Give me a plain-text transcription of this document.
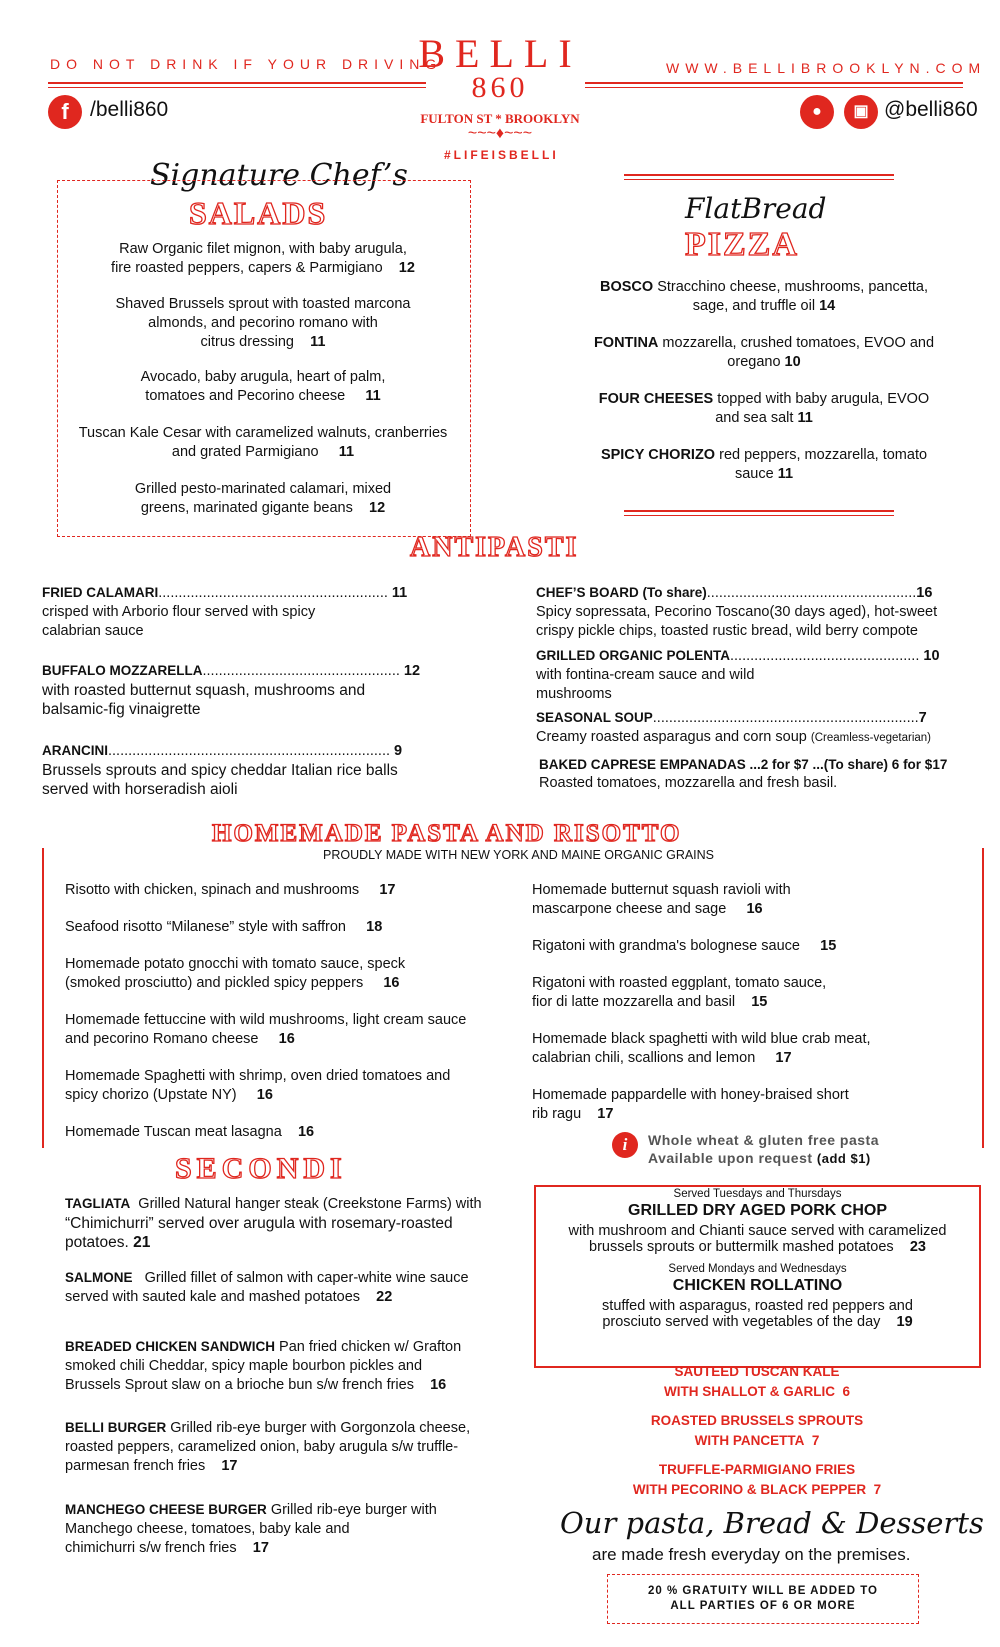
DO NOT DRINK IF YOUR DRIVING	WWW.BELLIBROOKLYN.COM
f	/belli860	●	▣ @belli860
BELLI
860
FULTON ST * BROOKLYN
~~~♦~~~
#LIFEISBELLI
Signature Chef’s
SALADS
Raw Organic filet mignon, with baby arugula,
fire roasted peppers, capers & Parmigiano 12
Shaved Brussels sprout with toasted marcona
almonds, and pecorino romano with
citrus dressing 11
Avocado, baby arugula, heart of palm,
tomatoes and Pecorino cheese 11
Tuscan Kale Cesar with caramelized walnuts, cranberries
and grated Parmigiano 11
Grilled pesto-marinated calamari, mixed
greens, marinated gigante beans 12
FlatBread
PIZZA
BOSCO Stracchino cheese, mushrooms, pancetta,
sage, and truffle oil 14
FONTINA mozzarella, crushed tomatoes, EVOO and
oregano 10
FOUR CHEESES topped with baby arugula, EVOO
and sea salt 11
SPICY CHORIZO red peppers, mozzarella, tomato
sauce 11
ANTIPASTI
FRIED CALAMARI......................................................... 11
crisped with Arborio flour served with spicy
calabrian sauce
BUFFALO MOZZARELLA................................................. 12
with roasted butternut squash, mushrooms and
balsamic-fig vinaigrette
ARANCINI...................................................................... 9
Brussels sprouts and spicy cheddar Italian rice balls
served with horseradish aioli
CHEF’S BOARD (To share)....................................................16
Spicy sopressata, Pecorino Toscano(30 days aged), hot-sweet
crispy pickle chips, toasted rustic bread, wild berry compote
GRILLED ORGANIC POLENTA............................................... 10
with fontina-cream sauce and wild
mushrooms
SEASONAL SOUP..................................................................7
Creamy roasted asparagus and corn soup (Creamless-vegetarian)
BAKED CAPRESE EMPANADAS ...2 for $7 ...(To share) 6 for $17
Roasted tomatoes, mozzarella and fresh basil.
HOMEMADE PASTA AND RISOTTO
PROUDLY MADE WITH NEW YORK AND MAINE ORGANIC GRAINS
Risotto with chicken, spinach and mushrooms 17
Seafood risotto “Milanese” style with saffron 18
Homemade potato gnocchi with tomato sauce, speck
(smoked prosciutto) and pickled spicy peppers 16
Homemade fettuccine with wild mushrooms, light cream sauce
and pecorino Romano cheese 16
Homemade Spaghetti with shrimp, oven dried tomatoes and
spicy chorizo (Upstate NY) 16
Homemade Tuscan meat lasagna 16
Homemade butternut squash ravioli with
mascarpone cheese and sage 16
Rigatoni with grandma's bolognese sauce 15
Rigatoni with roasted eggplant, tomato sauce,
fior di latte mozzarella and basil 15
Homemade black spaghetti with wild blue crab meat,
calabrian chili, scallions and lemon 17
Homemade pappardelle with honey-braised short
rib ragu 17
i	Whole wheat & gluten free pasta
Available upon request (add $1)
SECONDI
TAGLIATA Grilled Natural hanger steak (Creekstone Farms) with
“Chimichurri” served over arugula with rosemary-roasted
potatoes. 21
SALMONE Grilled fillet of salmon with caper-white wine sauce
served with sauted kale and mashed potatoes 22
BREADED CHICKEN SANDWICH Pan fried chicken w/ Grafton
smoked chili Cheddar, spicy maple bourbon pickles and
Brussels Sprout slaw on a brioche bun s/w french fries 16
BELLI BURGER Grilled rib-eye burger with Gorgonzola cheese,
roasted peppers, caramelized onion, baby arugula s/w truffle-
parmesan french fries 17
MANCHEGO CHEESE BURGER Grilled rib-eye burger with
Manchego cheese, tomatoes, baby kale and
chimichurri s/w french fries 17
Served Tuesdays and Thursdays
GRILLED DRY AGED PORK CHOP
with mushroom and Chianti sauce served with caramelized
brussels sprouts or buttermilk mashed potatoes 23
Served Mondays and Wednesdays
CHICKEN ROLLATINO
stuffed with asparagus, roasted red peppers and
prosciuto served with vegetables of the day 19
SAUTEED TUSCAN KALE
WITH SHALLOT & GARLIC 6
ROASTED BRUSSELS SPROUTS
WITH PANCETTA 7
TRUFFLE-PARMIGIANO FRIES
WITH PECORINO & BLACK PEPPER 7
Our pasta, Bread & Desserts
are made fresh everyday on the premises.
20 % GRATUITY WILL BE ADDED TO
ALL PARTIES OF 6 OR MORE
